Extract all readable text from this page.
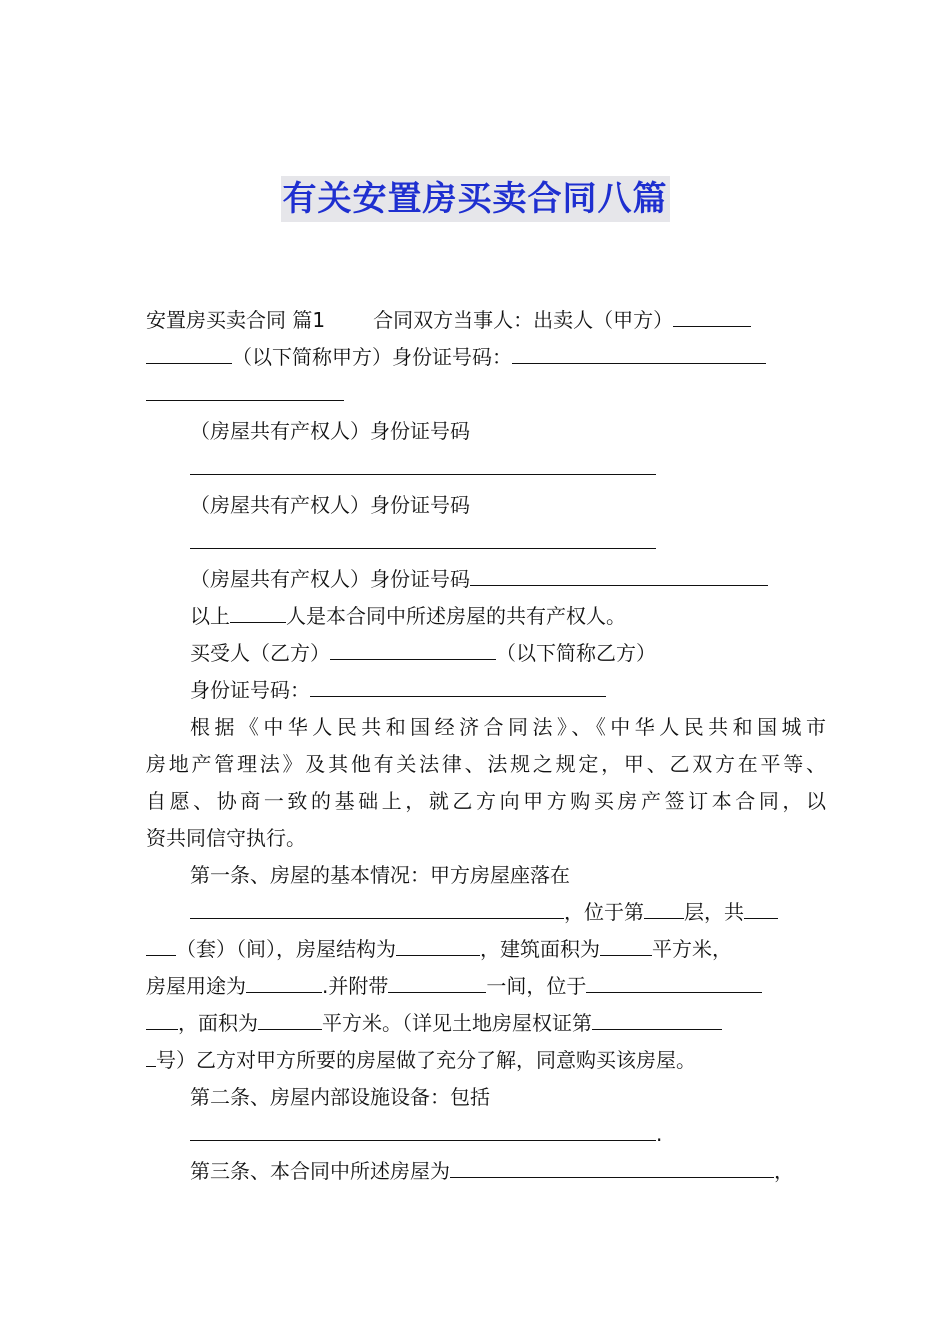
有关安置房买卖合同八篇
安置房买卖合同 篇1 合同双方当事人：出卖人（甲方）
（以下简称甲方）身份证号码：
（房屋共有产权人）身份证号码
（房屋共有产权人）身份证号码
（房屋共有产权人）身份证号码
以上	人是本合同中所述房屋的共有产权人。
买受人（乙方）	（以下简称乙方）
身份证号码：
根据《中华人民共和国经济合同法》、《中华人民共和国城市
房地产管理法》及其他有关法律、法规之规定，甲、乙双方在平等、
自愿、协商一致的基础上，就乙方向甲方购买房产签订本合同，以
资共同信守执行。
第一条、房屋的基本情况：甲方房屋座落在
，位于第 层，共
（套）（间），房屋结构为	，建筑面积为	平方米，
房屋用途为	.并附带	一间，位于
，面积为	平方米。（详见土地房屋权证第
号）乙方对甲方所要的房屋做了充分了解，同意购买该房屋。
第二条、房屋内部设施设备：包括
.
第三条、本合同中所述房屋为	，
